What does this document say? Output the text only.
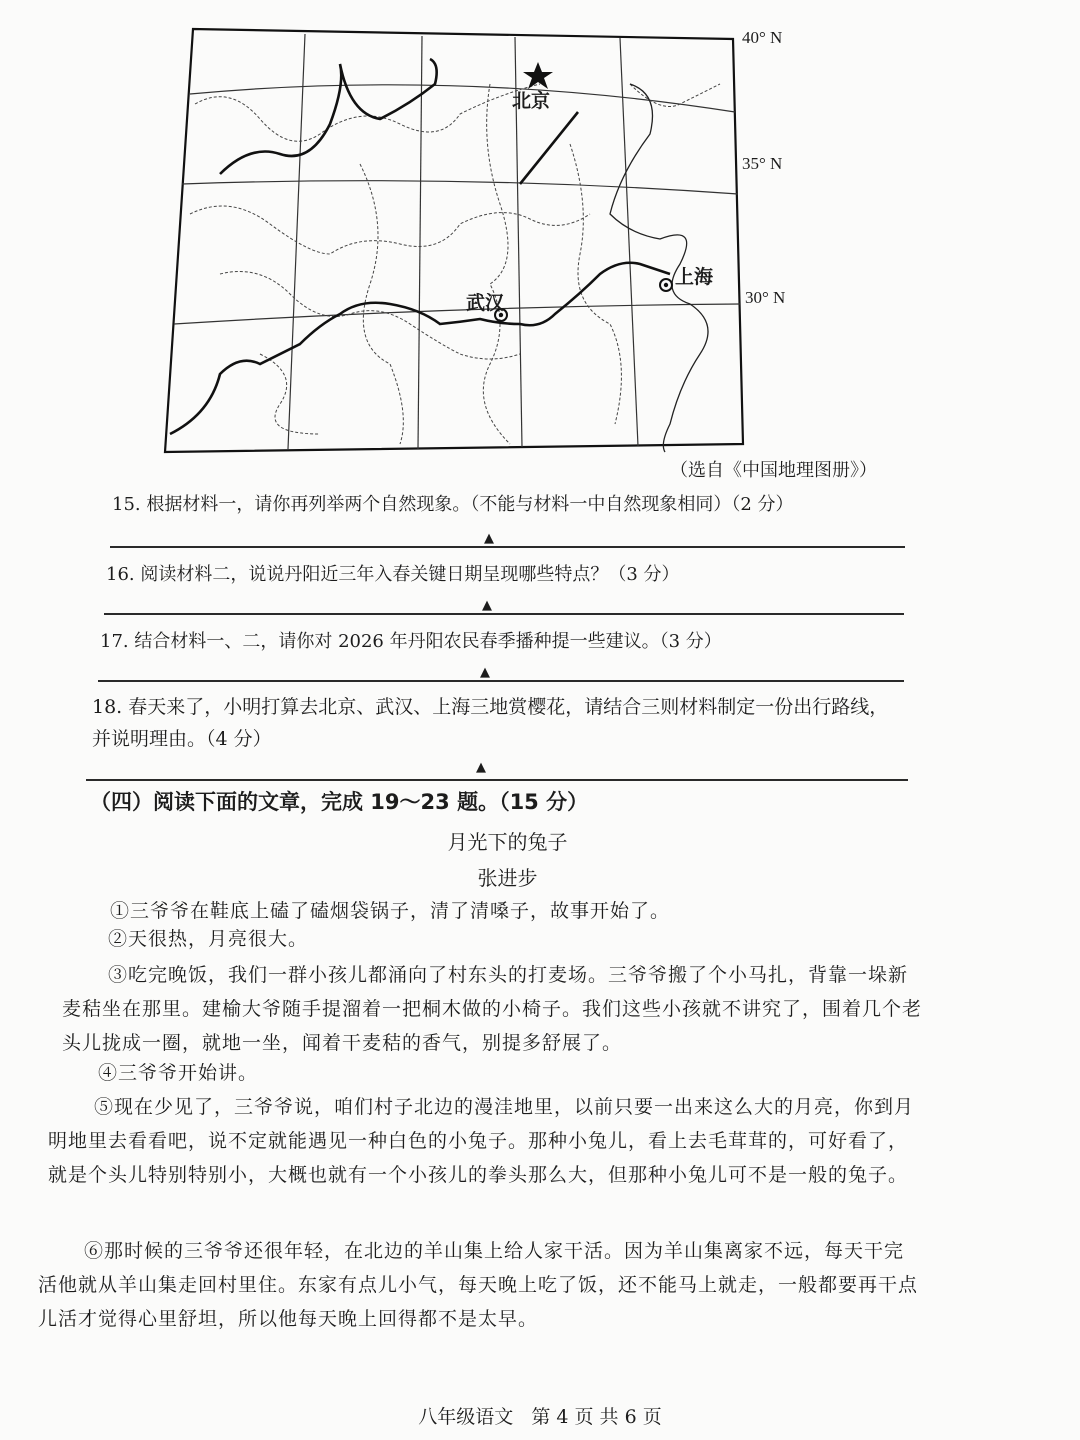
40° N
35° N
30° N
北京
武汉
上海
（选自《中国地理图册》）
15. 根据材料一，请你再列举两个自然现象。（不能与材料一中自然现象相同）（2 分）
▲
16. 阅读材料二，说说丹阳近三年入春关键日期呈现哪些特点？（3 分）
▲
17. 结合材料一、二，请你对 2026 年丹阳农民春季播种提一些建议。（3 分）
▲
18. 春天来了，小明打算去北京、武汉、上海三地赏樱花，请结合三则材料制定一份出行路线，并说明理由。（4 分）
▲
（四）阅读下面的文章，完成 19～23 题。（15 分）
月光下的兔子
张进步
①三爷爷在鞋底上磕了磕烟袋锅子，清了清嗓子，故事开始了。
②天很热，月亮很大。
③吃完晚饭，我们一群小孩儿都涌向了村东头的打麦场。三爷爷搬了个小马扎，背靠一垛新麦秸坐在那里。建榆大爷随手提溜着一把桐木做的小椅子。我们这些小孩就不讲究了，围着几个老头儿拢成一圈，就地一坐，闻着干麦秸的香气，别提多舒展了。
④三爷爷开始讲。
⑤现在少见了，三爷爷说，咱们村子北边的漫洼地里，以前只要一出来这么大的月亮，你到月明地里去看看吧，说不定就能遇见一种白色的小兔子。那种小兔儿，看上去毛茸茸的，可好看了，就是个头儿特别特别小，大概也就有一个小孩儿的拳头那么大，但那种小兔儿可不是一般的兔子。
⑥那时候的三爷爷还很年轻，在北边的羊山集上给人家干活。因为羊山集离家不远，每天干完活他就从羊山集走回村里住。东家有点儿小气，每天晚上吃了饭，还不能马上就走，一般都要再干点儿活才觉得心里舒坦，所以他每天晚上回得都不是太早。
八年级语文 第 4 页 共 6 页
